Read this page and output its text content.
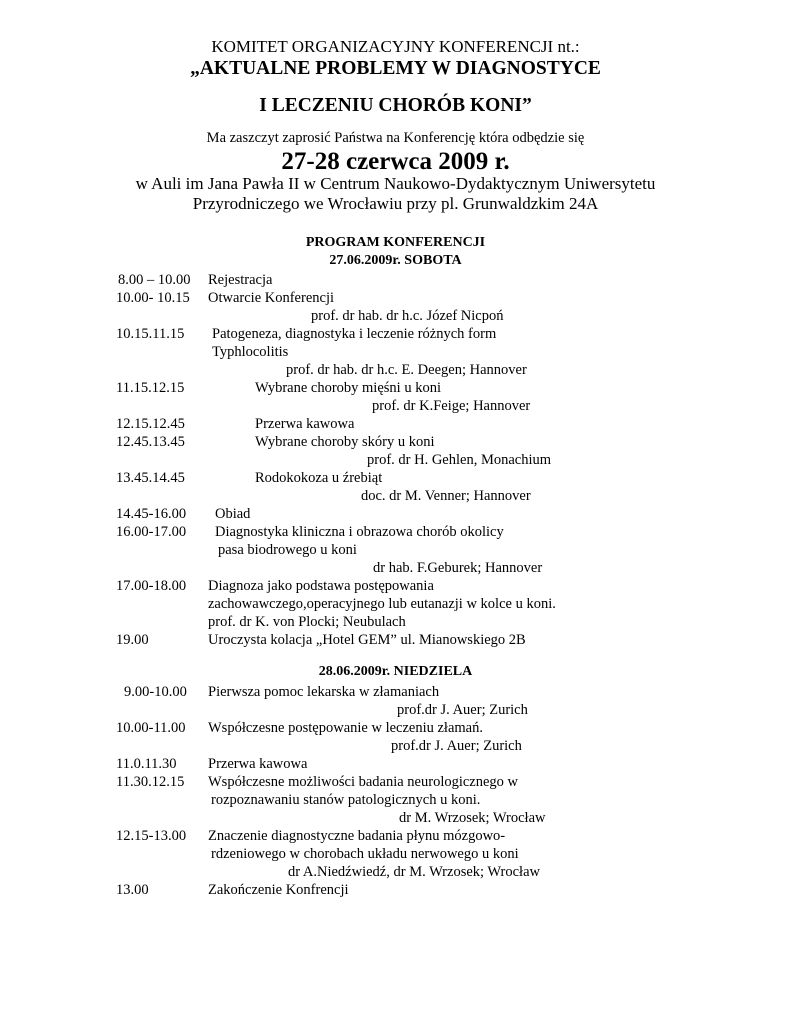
KOMITET ORGANIZACYJNY KONFERENCJI nt.:
„AKTUALNE PROBLEMY W DIAGNOSTYCE
I LECZENIU CHORÓB KONI”
Ma zaszczyt zaprosić Państwa na Konferencję która odbędzie się
27-28 czerwca 2009 r.
w Auli im Jana Pawła II w Centrum Naukowo-Dydaktycznym Uniwersytetu
Przyrodniczego we Wrocławiu przy pl. Grunwaldzkim 24A
PROGRAM KONFERENCJI
27.06.2009r. SOBOTA
8.00 – 10.00 Rejestracja
10.00- 10.15 Otwarcie Konferencji
prof. dr hab. dr h.c. Józef Nicpoń
10.15.11.15 Patogeneza, diagnostyka i leczenie różnych form
Typhlocolitis
prof. dr hab. dr h.c. E. Deegen; Hannover
11.15.12.15	Wybrane choroby mięśni u koni
prof. dr K.Feige; Hannover
12.15.12.45	Przerwa kawowa
12.45.13.45	Wybrane choroby skóry u koni
prof. dr H. Gehlen, Monachium
13.45.14.45	Rodokokoza u źrebiąt
doc. dr M. Venner; Hannover
14.45-16.00 Obiad
16.00-17.00 Diagnostyka kliniczna i obrazowa chorób okolicy
pasa biodrowego u koni
dr hab. F.Geburek; Hannover
17.00-18.00 Diagnoza jako podstawa postępowania
zachowawczego,operacyjnego lub eutanazji w kolce u koni.
prof. dr K. von Plocki; Neubulach
19.00	Uroczysta kolacja „Hotel GEM” ul. Mianowskiego 2B
28.06.2009r. NIEDZIELA
9.00-10.00 Pierwsza pomoc lekarska w złamaniach
prof.dr J. Auer; Zurich
10.00-11.00 Współczesne postępowanie w leczeniu złamań.
prof.dr J. Auer; Zurich
11.0.11.30 Przerwa kawowa
11.30.12.15 Współczesne możliwości badania neurologicznego w
rozpoznawaniu stanów patologicznych u koni.
dr M. Wrzosek; Wrocław
12.15-13.00 Znaczenie diagnostyczne badania płynu mózgowo-
rdzeniowego w chorobach układu nerwowego u koni
dr A.Niedźwiedź, dr M. Wrzosek; Wrocław
13.00	Zakończenie Konfrencji
